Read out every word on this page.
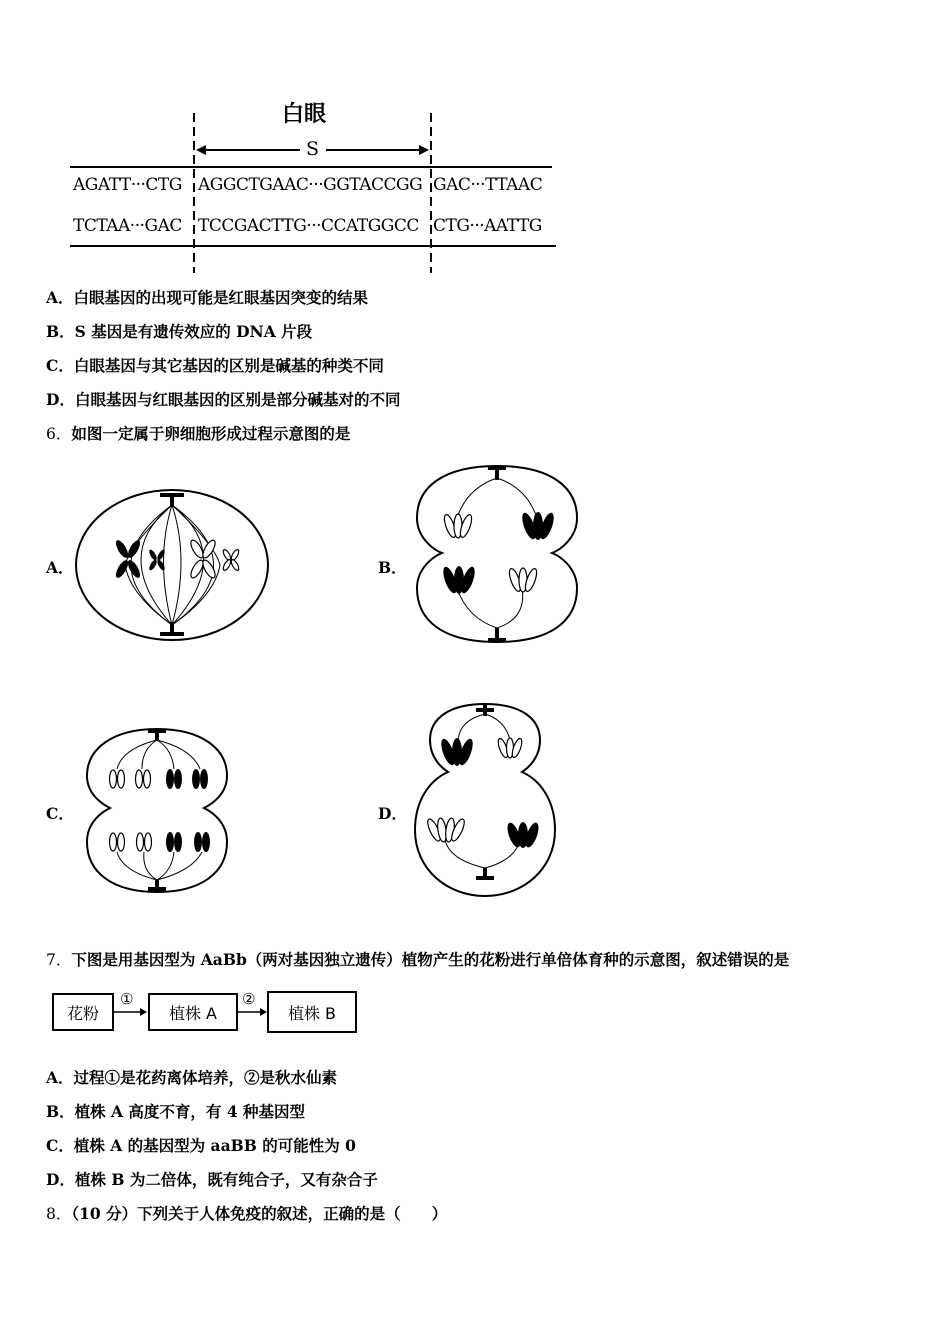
白眼
S
AGATT···CTG AGGCTGAAC···GGTACCGG GAC···TTAAC
TCTAA···GAC TCCGACTTG···CCATGGCC CTG···AATTG
A．白眼基因的出现可能是红眼基因突变的结果
B．S 基因是有遗传效应的 DNA 片段
C．白眼基因与其它基因的区别是碱基的种类不同
D．白眼基因与红眼基因的区别是部分碱基对的不同
6．如图一定属于卵细胞形成过程示意图的是
A．	B．
C．	D．
7．下图是用基因型为 AaBb（两对基因独立遗传）植物产生的花粉进行单倍体育种的示意图，叙述错误的是
花粉
①
植株 A
②
植株 B
A．过程①是花药离体培养，②是秋水仙素
B．植株 A 高度不育，有 4 种基因型
C．植株 A 的基因型为 aaBB 的可能性为 0
D．植株 B 为二倍体，既有纯合子，又有杂合子
8．（10 分）下列关于人体免疫的叙述，正确的是（　　）
